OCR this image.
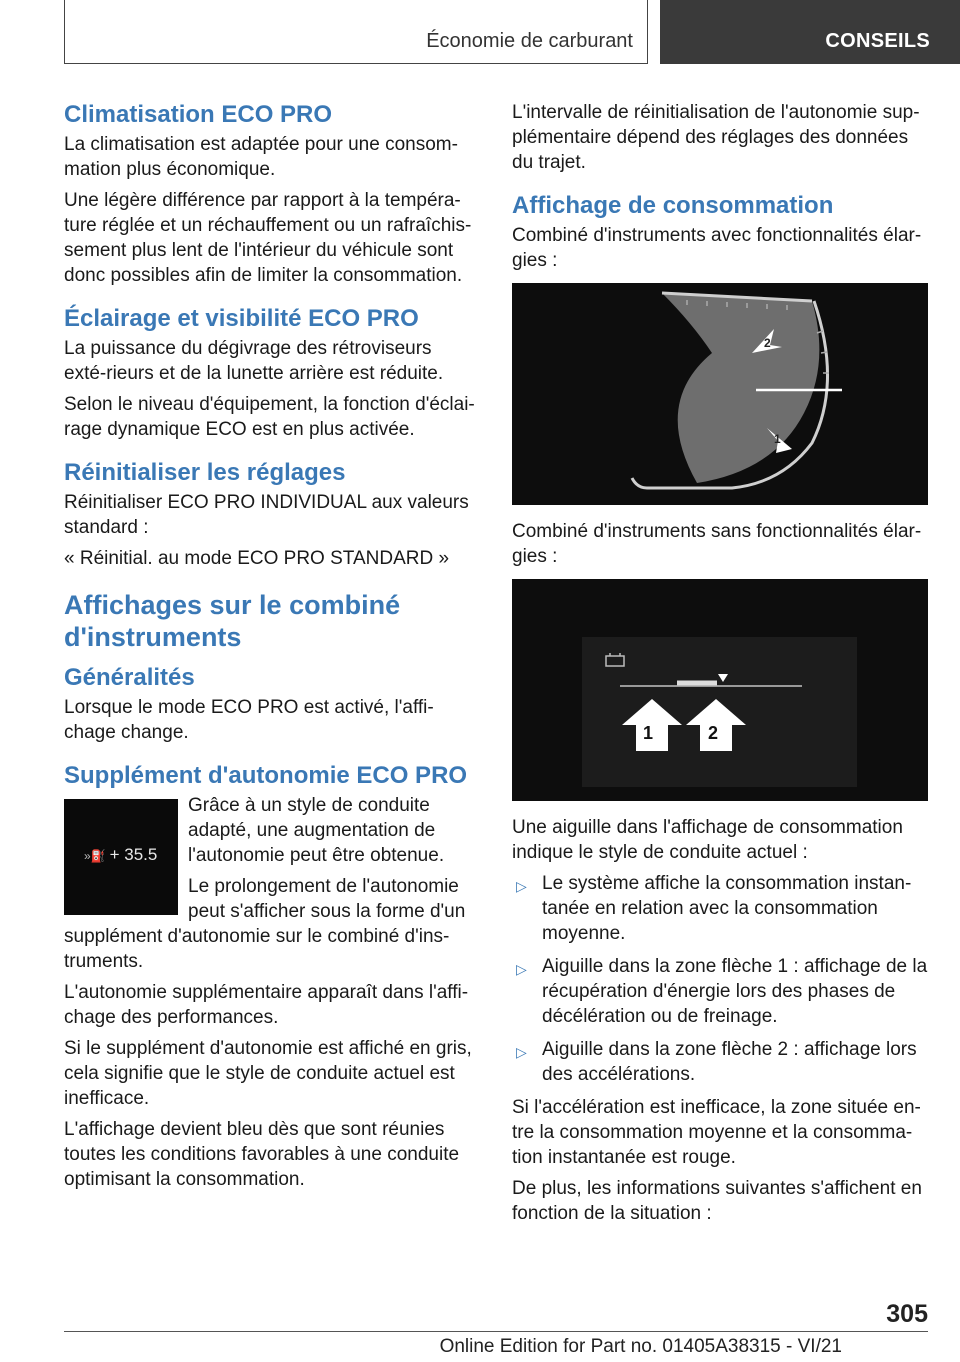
Économie de carburant	CONSEILS
Climatisation ECO PRO

La climatisation est adaptée pour une consom-mation plus économique.

Une légère différence par rapport à la tempéra-ture réglée et un réchauffement ou un rafraîchis-sement plus lent de l'intérieur du véhicule sont donc possibles afin de limiter la consommation.

Éclairage et visibilité ECO PRO

La puissance du dégivrage des rétroviseurs exté-rieurs et de la lunette arrière est réduite.

Selon le niveau d'équipement, la fonction d'éclai-rage dynamique ECO est en plus activée.

Réinitialiser les réglages

Réinitialiser ECO PRO INDIVIDUAL aux valeurs standard :

« Réinitial. au mode ECO PRO STANDARD »

Affichages sur le combiné d'instruments
Généralités

Lorsque le mode ECO PRO est activé, l'affi-chage change.

Supplément d'autonomie ECO PRO
»⛽ + 35.5

Grâce à un style de conduite adapté, une augmentation de l'autonomie peut être obtenue.

Le prolongement de l'autonomie peut s'afficher sous la forme d'un supplément d'autonomie sur le combiné d'ins-truments.

L'autonomie supplémentaire apparaît dans l'affi-chage des performances.

Si le supplément d'autonomie est affiché en gris, cela signifie que le style de conduite actuel est inefficace.

L'affichage devient bleu dès que sont réunies toutes les conditions favorables à une conduite optimisant la consommation.

L'intervalle de réinitialisation de l'autonomie sup-plémentaire dépend des réglages des données du trajet.

Affichage de consommation

Combiné d'instruments avec fonctionnalités élar-gies :

2
1

Combiné d'instruments sans fonctionnalités élar-gies :

1	2

Une aiguille dans l'affichage de consommation indique le style de conduite actuel :

▷ Le système affiche la consommation instan-tanée en relation avec la consommation moyenne.
▷ Aiguille dans la zone flèche 1 : affichage de la récupération d'énergie lors des phases de décélération ou de freinage.
▷ Aiguille dans la zone flèche 2 : affichage lors des accélérations.

Si l'accélération est inefficace, la zone située en-tre la consommation moyenne et la consomma-tion instantanée est rouge.

De plus, les informations suivantes s'affichent en fonction de la situation :

305
Online Edition for Part no. 01405A38315 - VI/21
